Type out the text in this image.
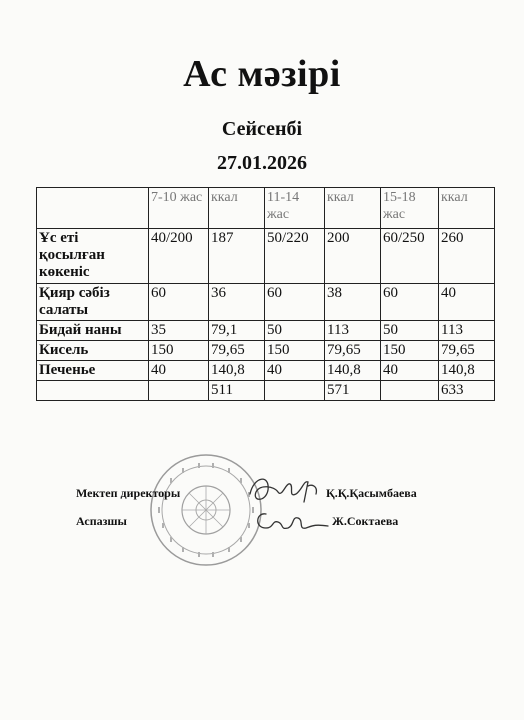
Ас мәзірі
Сейсенбі
27.01.2026
	7-10 жас	ккал	11-14 жас	ккал	15-18 жас	ккал
Ұс еті қосылған көкеніс	40/200	187	50/220	200	60/250	260
Қияр сәбіз салаты	60	36	60	38	60	40
Бидай наны	35	79,1	50	113	50	113
Кисель	150	79,65	150	79,65	150	79,65
Печенье	40	140,8	40	140,8	40	140,8
		511		571		633
Мектеп директоры	Қ.Қ.Қасымбаева
Аспазшы	Ж.Соктаева
